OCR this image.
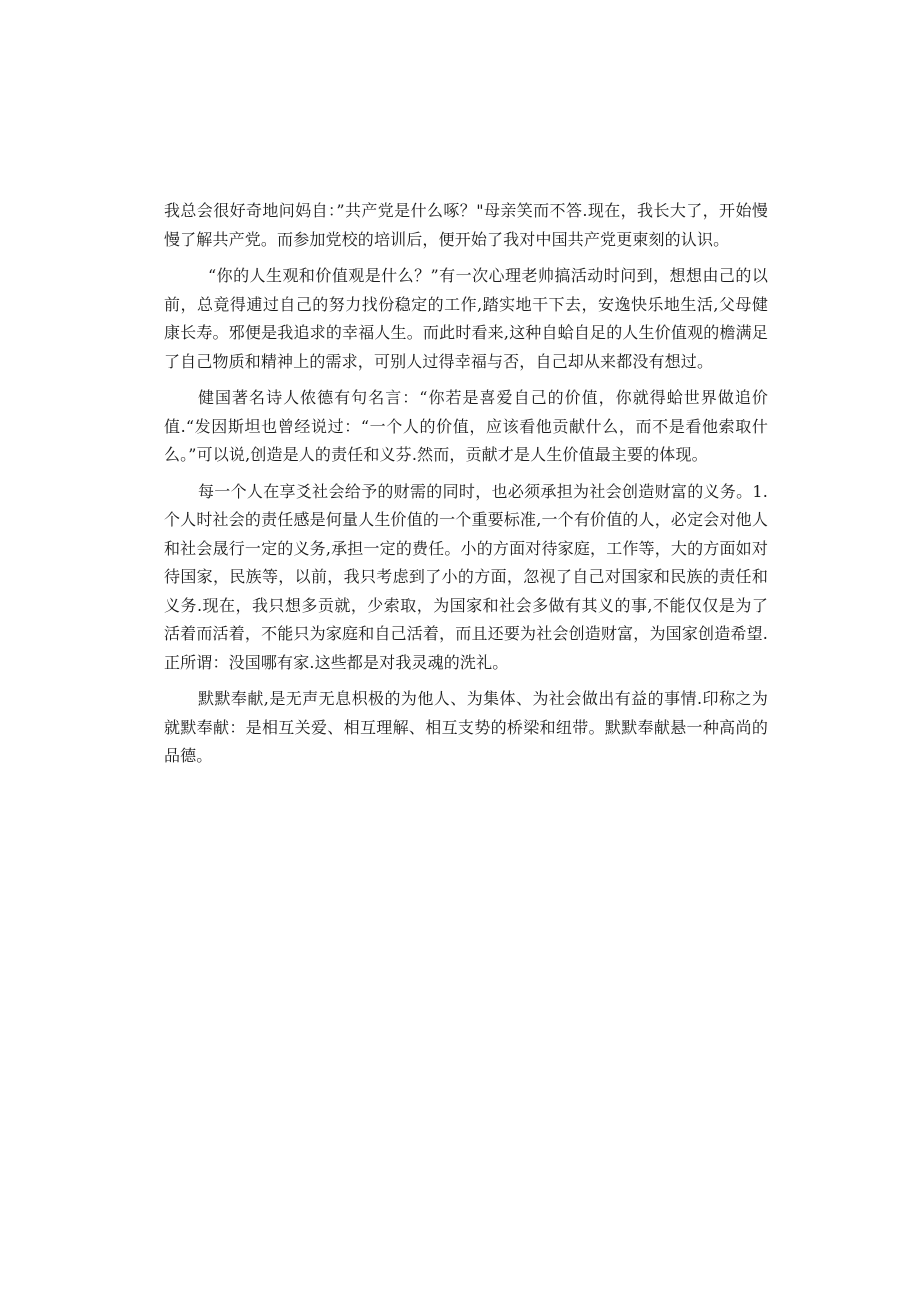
我总会很好奇地问妈自：”共产党是什么啄？"母亲笑而不答.现在，我长大了，开始慢慢了解共产党。而参加党校的培训后，便开始了我对中国共产党更柬刻的认识。

“你的人生观和价值观是什么？”有一次心理老帅搞活动时问到，想想由己的以前，总竟得逋过自己的努力找份稳定的工作,踏实地干下去，安逸快乐地生活,父母健康长寿。邪便是我追求的幸福人生。而此时看来,这种自蛤自足的人生价值观的檐满足了自己物质和精神上的需求，可别人过得幸福与否，自己却从来都没有想过。

健国著名诗人侬德有句名言：“你若是喜爱自己的价值，你就得蛤世界做追价值.“发因斯坦也曾经说过：“一个人的价值，应该看他贡献什么，而不是看他索取什么。”可以说,创造是人的责任和义芬.然而，贡献才是人生价值最主要的体现。

每一个人在享爻社会给予的财需的同时，也必须承担为社会创造财富的义务。1.个人时社会的责任感是何量人生价值的一个重要标准,一个有价值的人，必定会对他人和社会晟行一定的义务,承担一定的费任。小的方面对待家庭，工作等，大的方面如对待国家，民族等，以前，我只考虑到了小的方面，忽视了自己对国家和民族的责任和义务.现在，我只想多贡就，少索取，为国家和社会多做有其义的事,不能仅仅是为了活着而活着，不能只为家庭和自己活着，而且还要为社会创造财富，为国家创造希望.正所谓：没国哪有家.这些都是对我灵魂的洗礼。

默默奉献,是无声无息枳极的为他人、为集体、为社会做出有益的事情.印称之为就默奉献：是相互关爱、相互理解、相互支势的桥梁和纽带。默默奉献悬一种高尚的品德。
